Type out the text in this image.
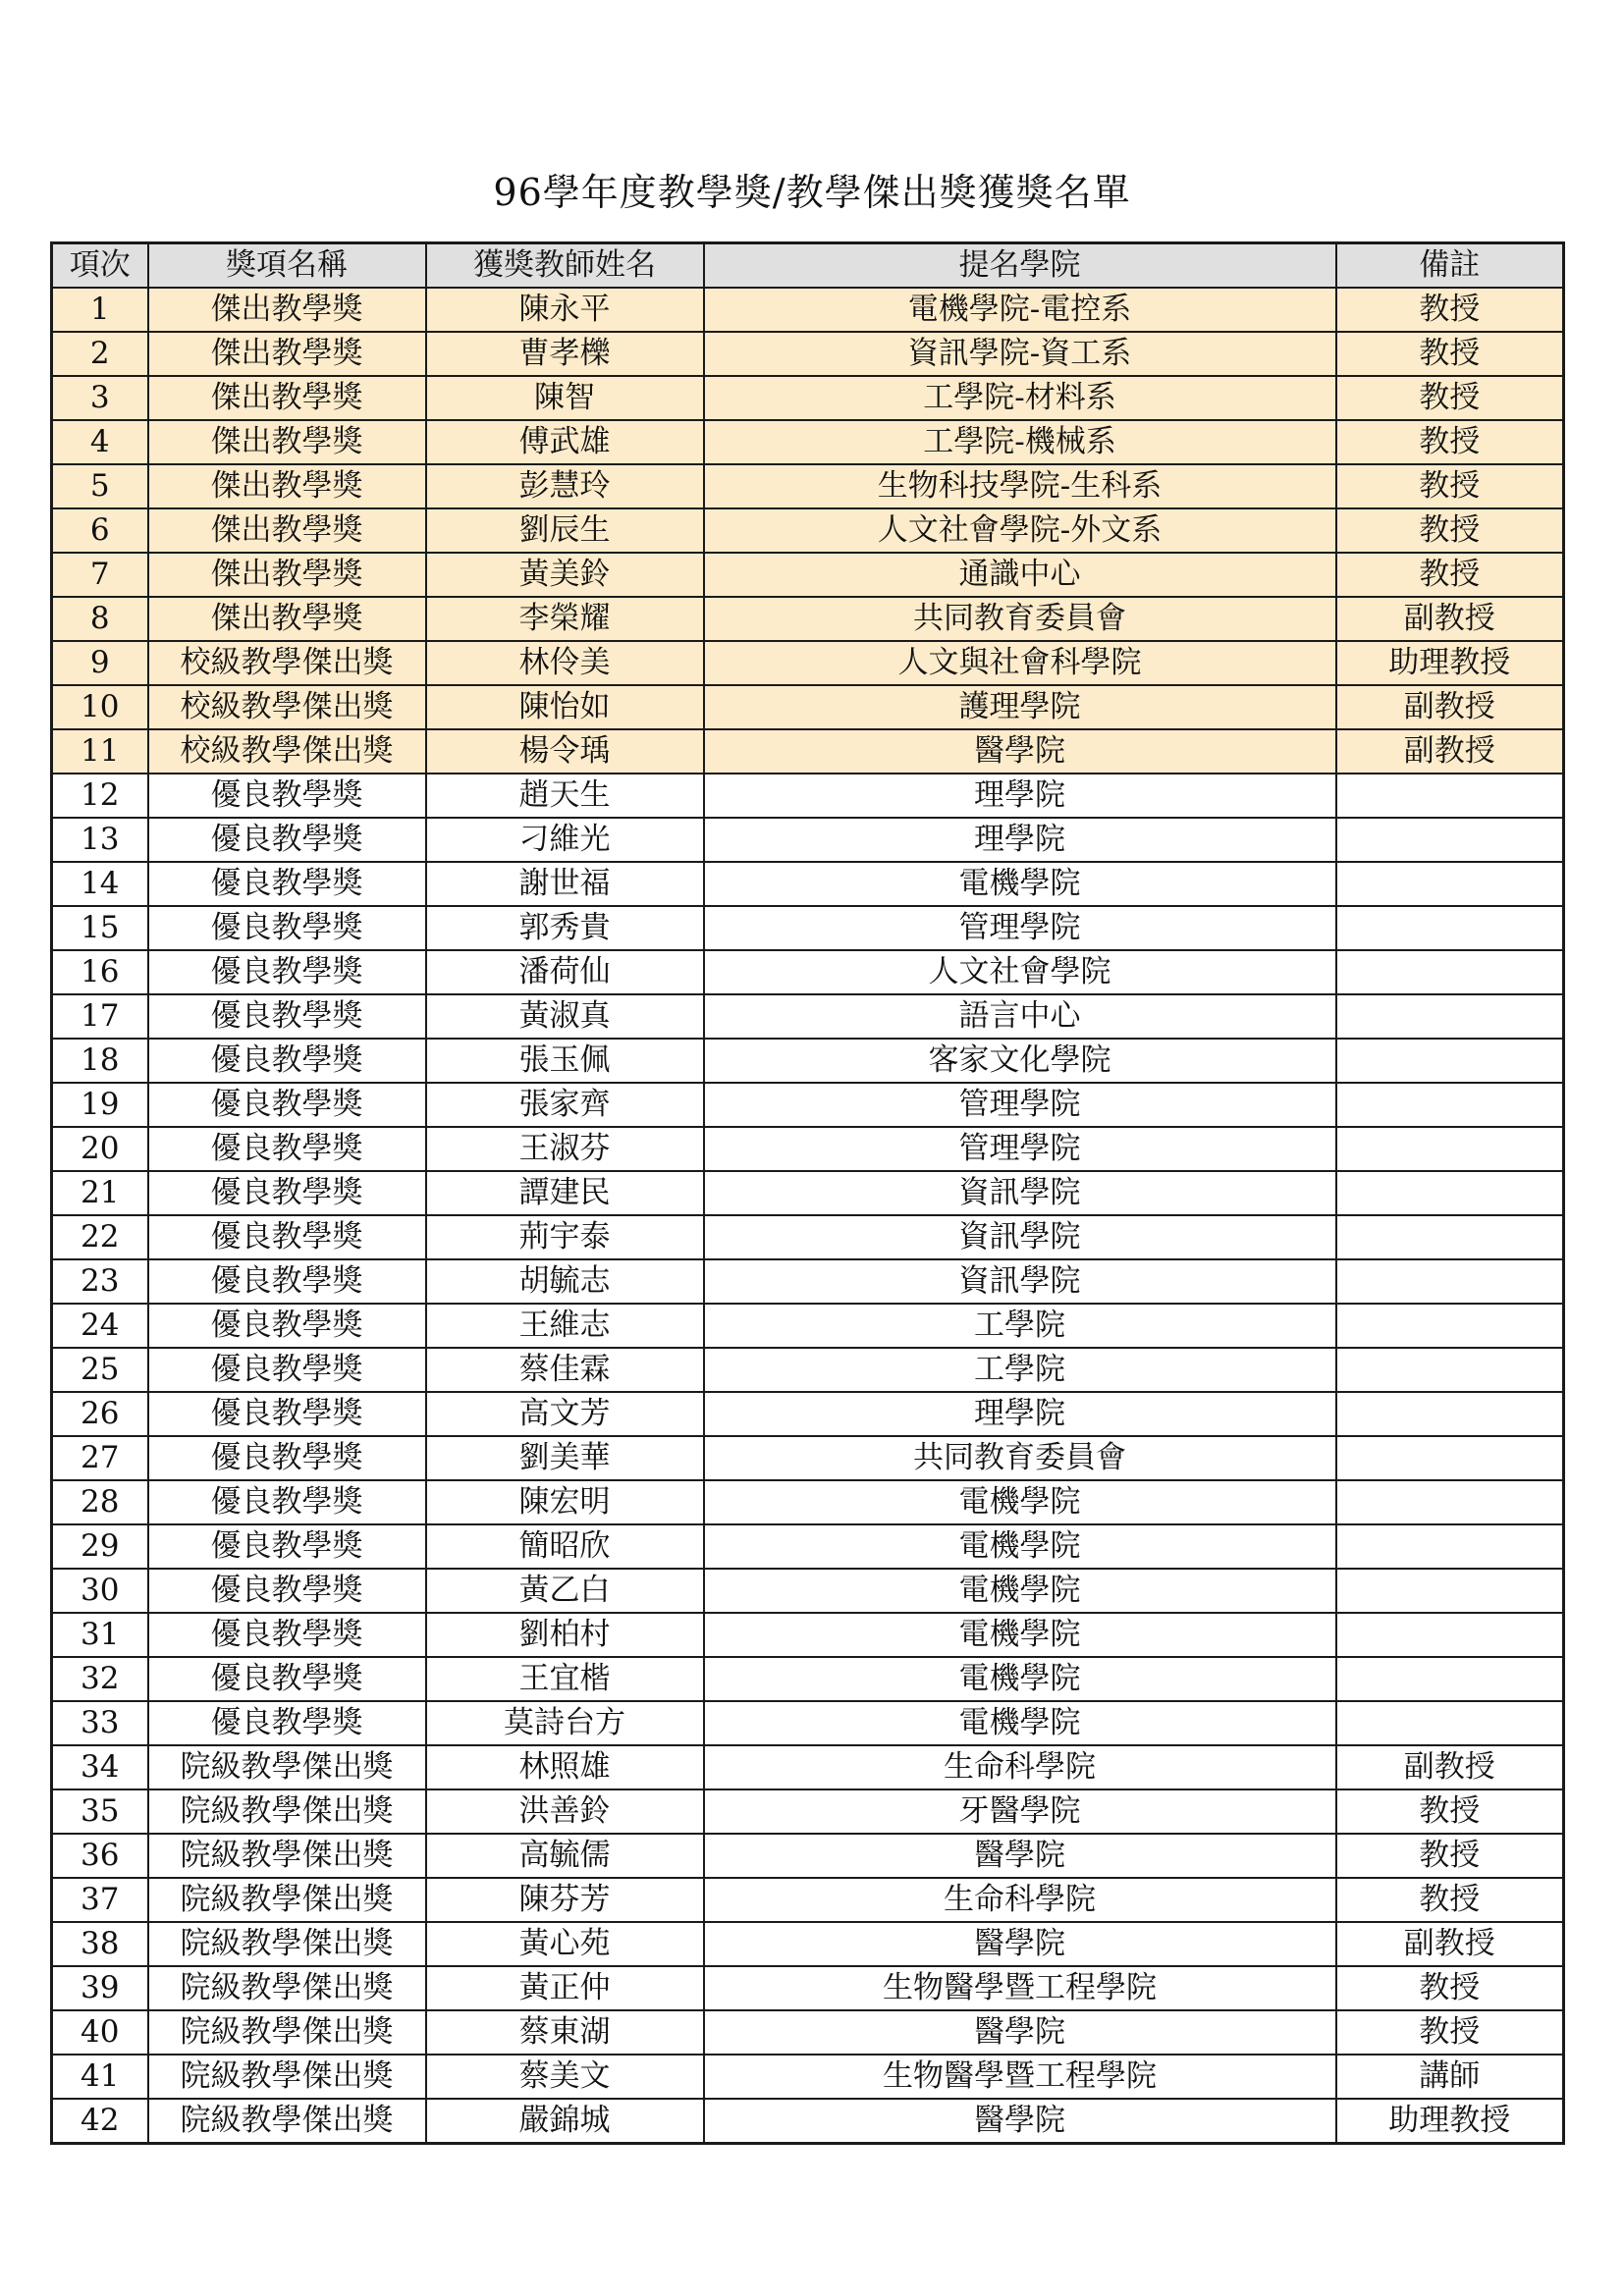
96學年度教學獎/教學傑出獎獲獎名單
項次	獎項名稱	獲獎教師姓名	提名學院	備註
1	傑出教學獎	陳永平	電機學院-電控系	教授
2	傑出教學獎	曹孝櫟	資訊學院-資工系	教授
3	傑出教學獎	陳智	工學院-材料系	教授
4	傑出教學獎	傅武雄	工學院-機械系	教授
5	傑出教學獎	彭慧玲	生物科技學院-生科系	教授
6	傑出教學獎	劉辰生	人文社會學院-外文系	教授
7	傑出教學獎	黃美鈴	通識中心	教授
8	傑出教學獎	李榮耀	共同教育委員會	副教授
9	校級教學傑出獎	林伶美	人文與社會科學院	助理教授
10	校級教學傑出獎	陳怡如	護理學院	副教授
11	校級教學傑出獎	楊令瑀	醫學院	副教授
12	優良教學獎	趙天生	理學院	
13	優良教學獎	刁維光	理學院	
14	優良教學獎	謝世福	電機學院	
15	優良教學獎	郭秀貴	管理學院	
16	優良教學獎	潘荷仙	人文社會學院	
17	優良教學獎	黃淑真	語言中心	
18	優良教學獎	張玉佩	客家文化學院	
19	優良教學獎	張家齊	管理學院	
20	優良教學獎	王淑芬	管理學院	
21	優良教學獎	譚建民	資訊學院	
22	優良教學獎	荊宇泰	資訊學院	
23	優良教學獎	胡毓志	資訊學院	
24	優良教學獎	王維志	工學院	
25	優良教學獎	蔡佳霖	工學院	
26	優良教學獎	高文芳	理學院	
27	優良教學獎	劉美華	共同教育委員會	
28	優良教學獎	陳宏明	電機學院	
29	優良教學獎	簡昭欣	電機學院	
30	優良教學獎	黃乙白	電機學院	
31	優良教學獎	劉柏村	電機學院	
32	優良教學獎	王宜楷	電機學院	
33	優良教學獎	莫詩台方	電機學院	
34	院級教學傑出獎	林照雄	生命科學院	副教授
35	院級教學傑出獎	洪善鈴	牙醫學院	教授
36	院級教學傑出獎	高毓儒	醫學院	教授
37	院級教學傑出獎	陳芬芳	生命科學院	教授
38	院級教學傑出獎	黃心苑	醫學院	副教授
39	院級教學傑出獎	黃正仲	生物醫學暨工程學院	教授
40	院級教學傑出獎	蔡東湖	醫學院	教授
41	院級教學傑出獎	蔡美文	生物醫學暨工程學院	講師
42	院級教學傑出獎	嚴錦城	醫學院	助理教授
